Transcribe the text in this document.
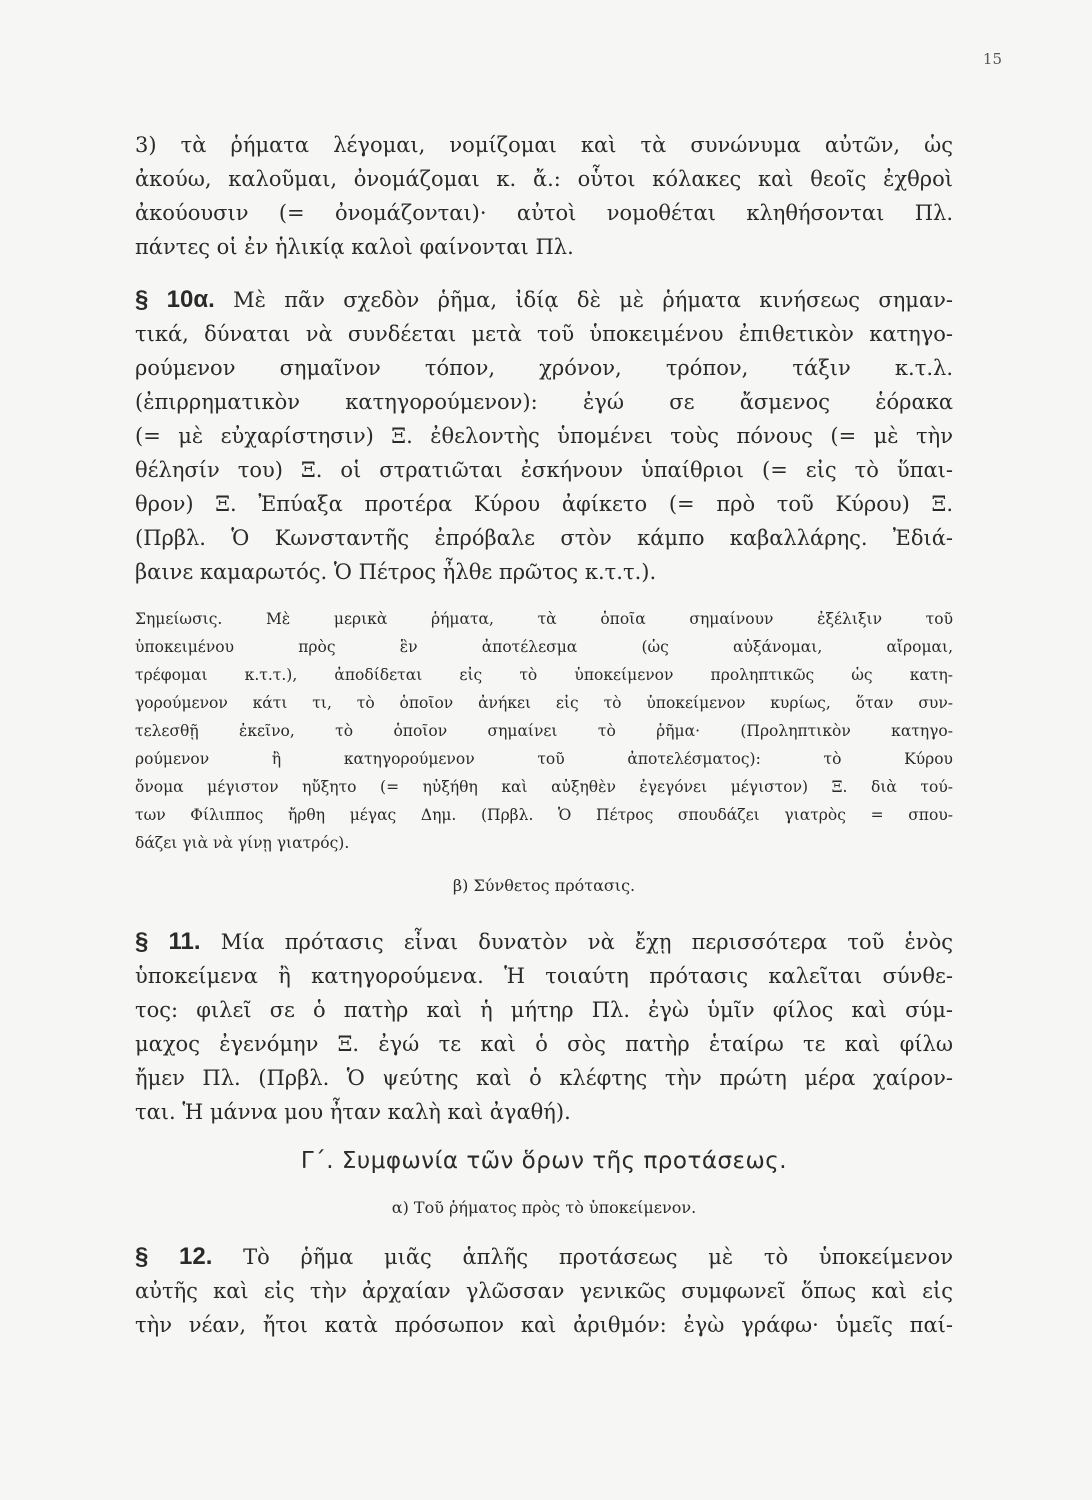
15
3) τὰ ῥήματα λέγομαι, νομίζομαι καὶ τὰ συνώνυμα αὐτῶν, ὡς
ἀκούω, καλοῦμαι, ὀνομάζομαι κ. ἄ.: οὗτοι κόλακες καὶ θεοῖς ἐχθροὶ
ἀκούουσιν (= ὀνομάζονται)· αὐτοὶ νομοθέται κληθήσονται Πλ.
πάντες οἱ ἐν ἡλικίᾳ καλοὶ φαίνονται Πλ.
§ 10α. Μὲ πᾶν σχεδὸν ῥῆμα, ἰδίᾳ δὲ μὲ ῥήματα κινήσεως σημαν-
τικά, δύναται νὰ συνδέεται μετὰ τοῦ ὑποκειμένου ἐπιθετικὸν κατηγο-
ρούμενον σημαῖνον τόπον, χρόνον, τρόπον, τάξιν κ.τ.λ.
(ἐπιρρηματικὸν κατηγορούμενον): ἐγώ σε ἄσμενος ἑόρακα
(= μὲ εὐχαρίστησιν) Ξ. ἐθελοντὴς ὑπομένει τοὺς πόνους (= μὲ τὴν
θέλησίν του) Ξ. οἱ στρατιῶται ἐσκήνουν ὑπαίθριοι (= εἰς τὸ ὕπαι-
θρον) Ξ. Ἐπύαξα προτέρα Κύρου ἀφίκετο (= πρὸ τοῦ Κύρου) Ξ.
(Πρβλ. Ὁ Κωνσταντῆς ἐπρόβαλε στὸν κάμπο καβαλλάρης. Ἐδιά-
βαινε καμαρωτός. Ὁ Πέτρος ἦλθε πρῶτος κ.τ.τ.).
Σημείωσις. Μὲ μερικὰ ῥήματα, τὰ ὁποῖα σημαίνουν ἐξέλιξιν τοῦ
ὑποκειμένου πρὸς ἓν ἀποτέλεσμα (ὡς αὐξάνομαι, αἴρομαι,
τρέφομαι κ.τ.τ.), ἀποδίδεται εἰς τὸ ὑποκείμενον προληπτικῶς ὡς κατη-
γορούμενον κάτι τι, τὸ ὁποῖον ἀνήκει εἰς τὸ ὑποκείμενον κυρίως, ὅταν συν-
τελεσθῇ ἐκεῖνο, τὸ ὁποῖον σημαίνει τὸ ῥῆμα· (Προληπτικὸν κατηγο-
ρούμενον ἢ κατηγορούμενον τοῦ ἀποτελέσματος): τὸ Κύρου
ὄνομα μέγιστον ηὔξητο (= ηὐξήθη καὶ αὐξηθὲν ἐγεγόνει μέγιστον) Ξ. διὰ τού-
των Φίλιππος ἤρθη μέγας Δημ. (Πρβλ. Ὁ Πέτρος σπουδάζει γιατρὸς = σπου-
δάζει γιὰ νὰ γίνῃ γιατρός).
β) Σύνθετος πρότασις.
§ 11. Μία πρότασις εἶναι δυνατὸν νὰ ἔχῃ περισσότερα τοῦ ἑνὸς
ὑποκείμενα ἢ κατηγορούμενα. Ἡ τοιαύτη πρότασις καλεῖται σύνθε-
τος: φιλεῖ σε ὁ πατὴρ καὶ ἡ μήτηρ Πλ. ἐγὼ ὑμῖν φίλος καὶ σύμ-
μαχος ἐγενόμην Ξ. ἐγώ τε καὶ ὁ σὸς πατὴρ ἑταίρω τε καὶ φίλω
ἤμεν Πλ. (Πρβλ. Ὁ ψεύτης καὶ ὁ κλέφτης τὴν πρώτη μέρα χαίρον-
ται. Ἡ μάννα μου ἦταν καλὴ καὶ ἀγαθή).
Γ΄. Συμφωνία τῶν ὅρων τῆς προτάσεως.
α) Τοῦ ῥήματος πρὸς τὸ ὑποκείμενον.
§ 12. Τὸ ῥῆμα μιᾶς ἁπλῆς προτάσεως μὲ τὸ ὑποκείμενον
αὐτῆς καὶ εἰς τὴν ἀρχαίαν γλῶσσαν γενικῶς συμφωνεῖ ὅπως καὶ εἰς
τὴν νέαν, ἤτοι κατὰ πρόσωπον καὶ ἀριθμόν: ἐγὼ γράφω· ὑμεῖς παί-
